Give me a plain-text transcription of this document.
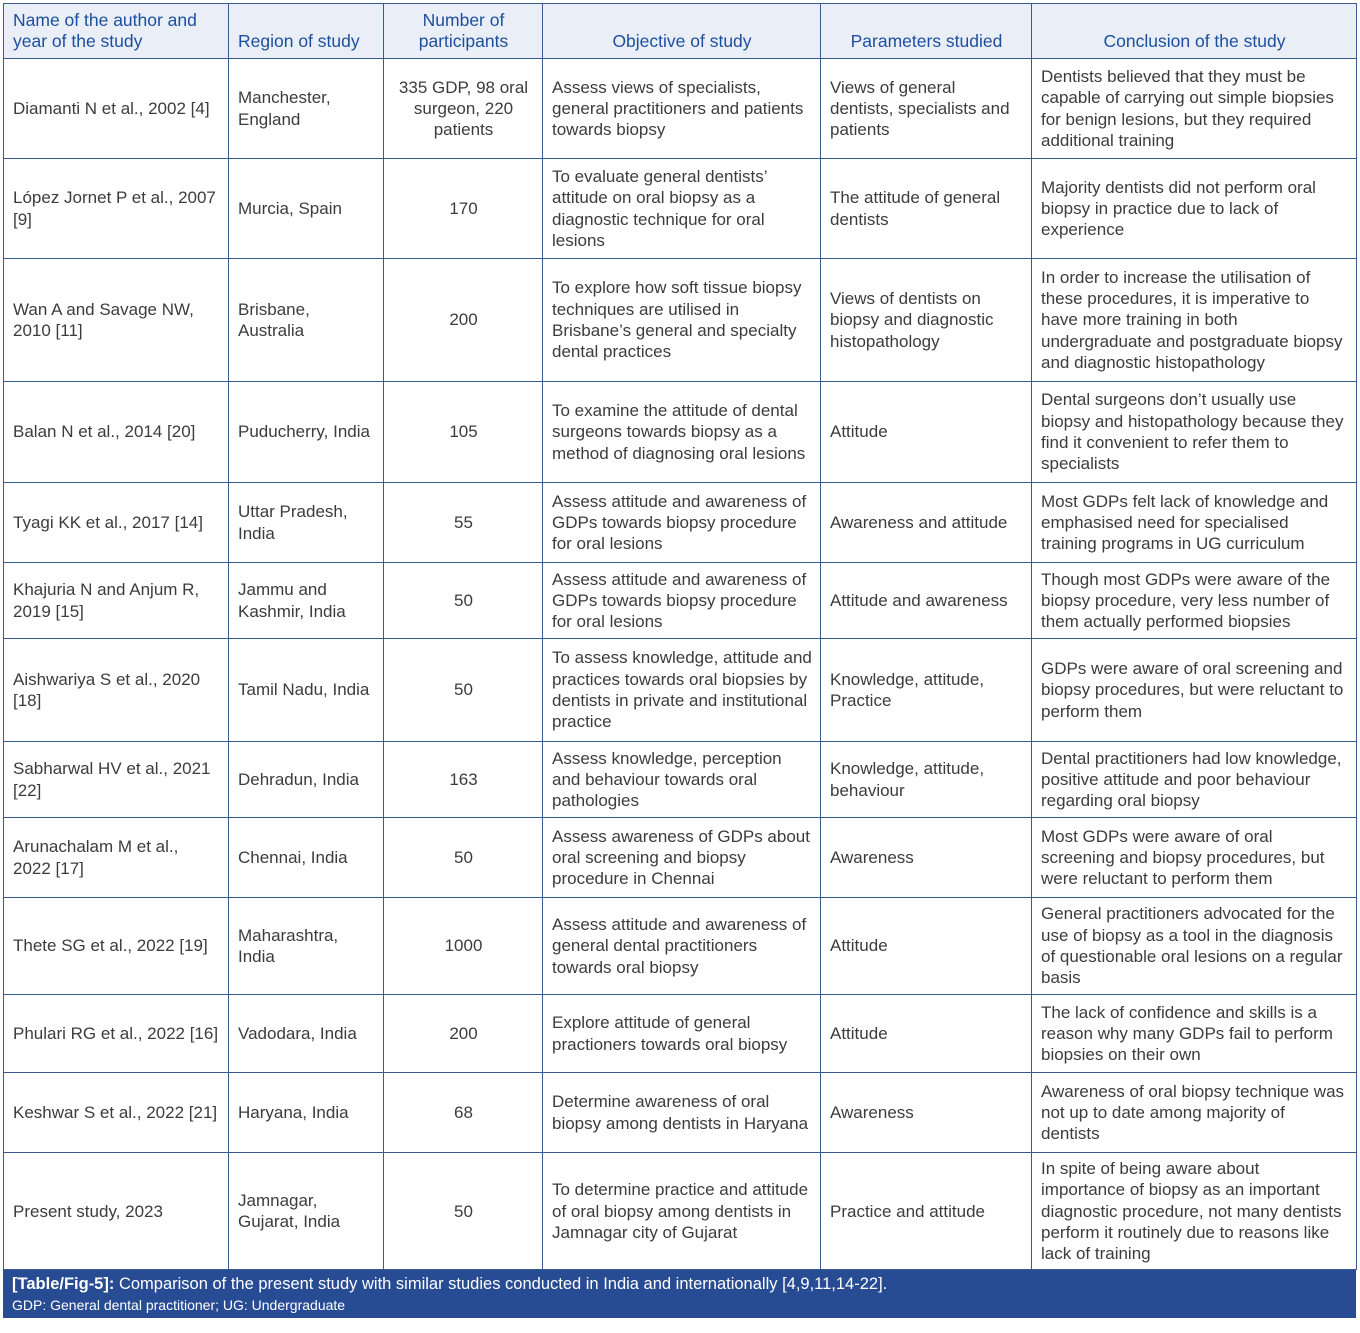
Name of the author and year of the study	Region of study	Number of participants	Objective of study	Parameters studied	Conclusion of the study
Diamanti N et al., 2002 [4]	Manchester, England	335 GDP, 98 oral surgeon, 220 patients	Assess views of specialists, general practitioners and patients towards biopsy	Views of general dentists, specialists and patients	Dentists believed that they must be capable of carrying out simple biopsies for benign lesions, but they required additional training
López Jornet P et al., 2007 [9]	Murcia, Spain	170	To evaluate general dentists’ attitude on oral biopsy as a diagnostic technique for oral lesions	The attitude of general dentists	Majority dentists did not perform oral biopsy in practice due to lack of experience
Wan A and Savage NW, 2010 [11]	Brisbane, Australia	200	To explore how soft tissue biopsy techniques are utilised in Brisbane’s general and specialty dental practices	Views of dentists on biopsy and diagnostic histopathology	In order to increase the utilisation of these procedures, it is imperative to have more training in both undergraduate and postgraduate biopsy and diagnostic histopathology
Balan N et al., 2014 [20]	Puducherry, India	105	To examine the attitude of dental surgeons towards biopsy as a method of diagnosing oral lesions	Attitude	Dental surgeons don’t usually use biopsy and histopathology because they find it convenient to refer them to specialists
Tyagi KK et al., 2017 [14]	Uttar Pradesh, India	55	Assess attitude and awareness of GDPs towards biopsy procedure for oral lesions	Awareness and attitude	Most GDPs felt lack of knowledge and emphasised need for specialised training programs in UG curriculum
Khajuria N and Anjum R, 2019 [15]	Jammu and Kashmir, India	50	Assess attitude and awareness of GDPs towards biopsy procedure for oral lesions	Attitude and awareness	Though most GDPs were aware of the biopsy procedure, very less number of them actually performed biopsies
Aishwariya S et al., 2020 [18]	Tamil Nadu, India	50	To assess knowledge, attitude and practices towards oral biopsies by dentists in private and institutional practice	Knowledge, attitude, Practice	GDPs were aware of oral screening and biopsy procedures, but were reluctant to perform them
Sabharwal HV et al., 2021 [22]	Dehradun, India	163	Assess knowledge, perception and behaviour towards oral pathologies	Knowledge, attitude, behaviour	Dental practitioners had low knowledge, positive attitude and poor behaviour regarding oral biopsy
Arunachalam M et al., 2022 [17]	Chennai, India	50	Assess awareness of GDPs about oral screening and biopsy procedure in Chennai	Awareness	Most GDPs were aware of oral screening and biopsy procedures, but were reluctant to perform them
Thete SG et al., 2022 [19]	Maharashtra, India	1000	Assess attitude and awareness of general dental practitioners towards oral biopsy	Attitude	General practitioners advocated for the use of biopsy as a tool in the diagnosis of questionable oral lesions on a regular basis
Phulari RG et al., 2022 [16]	Vadodara, India	200	Explore attitude of general practioners towards oral biopsy	Attitude	The lack of confidence and skills is a reason why many GDPs fail to perform biopsies on their own
Keshwar S et al., 2022 [21]	Haryana, India	68	Determine awareness of oral biopsy among dentists in Haryana	Awareness	Awareness of oral biopsy technique was not up to date among majority of dentists
Present study, 2023	Jamnagar, Gujarat, India	50	To determine practice and attitude of oral biopsy among dentists in Jamnagar city of Gujarat	Practice and attitude	In spite of being aware about importance of biopsy as an important diagnostic procedure, not many dentists perform it routinely due to reasons like lack of training
[Table/Fig-5]: Comparison of the present study with similar studies conducted in India and internationally [4,9,11,14-22].
GDP: General dental practitioner; UG: Undergraduate
